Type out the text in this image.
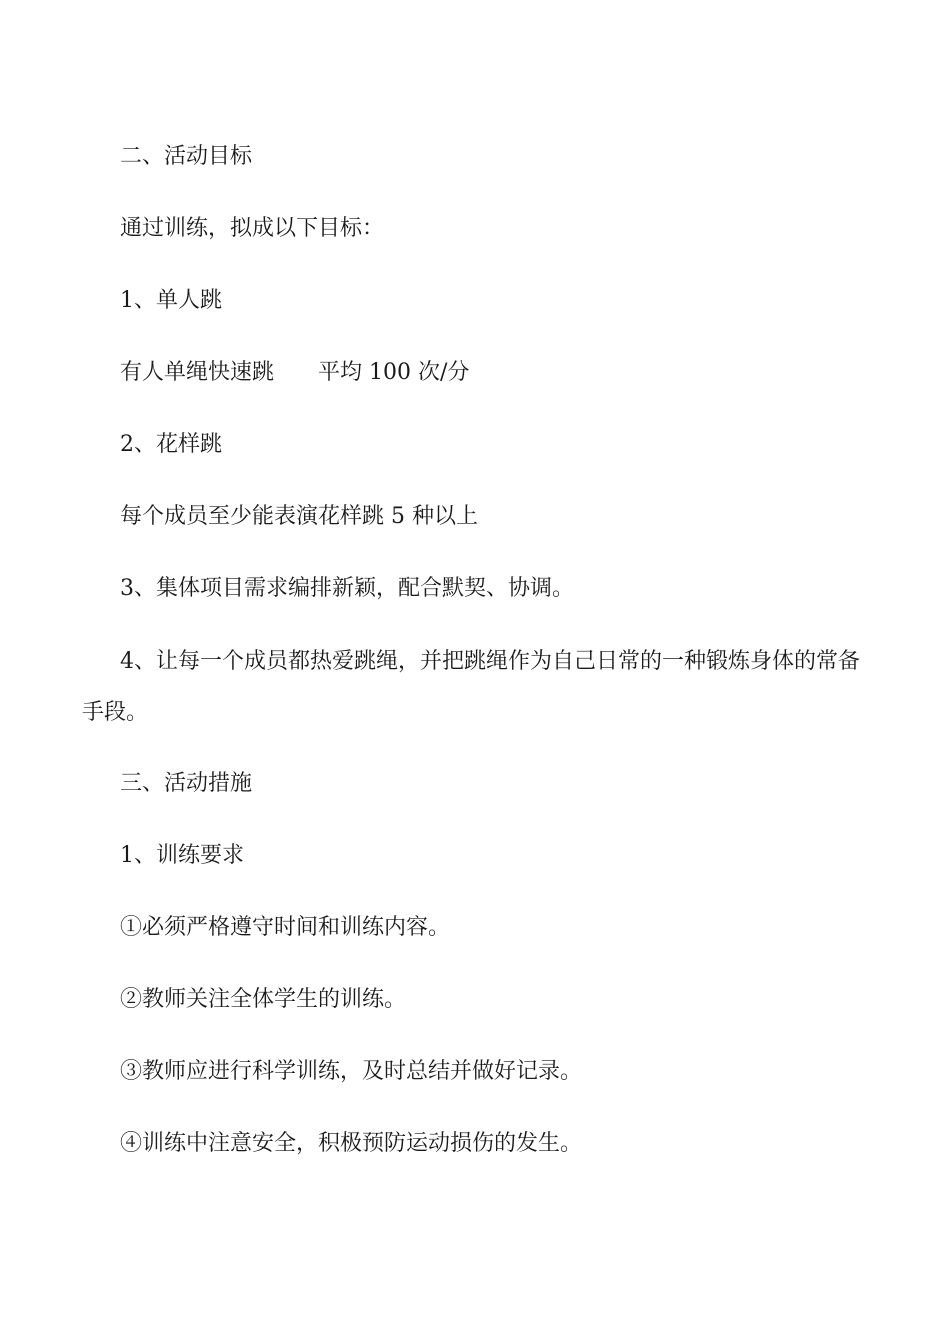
二、活动目标
通过训练，拟成以下目标：
1、单人跳
有人单绳快速跳 平均 100 次/分
2、花样跳
每个成员至少能表演花样跳 5 种以上
3、集体项目需求编排新颖，配合默契、协调。
4、让每一个成员都热爱跳绳，并把跳绳作为自己日常的一种锻炼身体的常备
手段。
三、活动措施
1、训练要求
①必须严格遵守时间和训练内容。
②教师关注全体学生的训练。
③教师应进行科学训练，及时总结并做好记录。
④训练中注意安全，积极预防运动损伤的发生。
